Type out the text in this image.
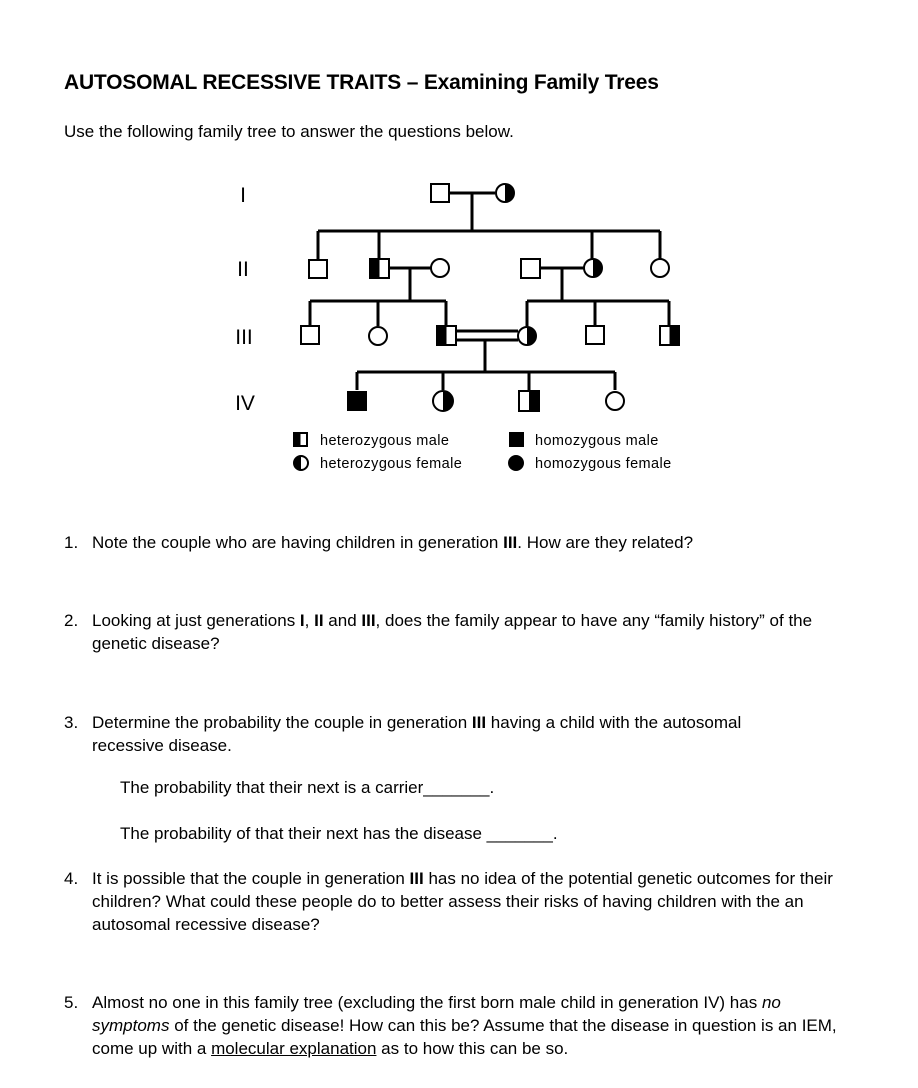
AUTOSOMAL RECESSIVE TRAITS – Examining Family Trees
Use the following family tree to answer the questions below.
I
II
III
IV
heterozygous male
heterozygous female
homozygous male
homozygous female
1. Note the couple who are having children in generation III. How are they related?
2. Looking at just generations I, II and III, does the family appear to have any “family history” of the genetic disease?
3. Determine the probability the couple in generation III having a child with the autosomal recessive disease.
The probability that their next is a carrier_______.
The probability of that their next has the disease _______.
4. It is possible that the couple in generation III has no idea of the potential genetic outcomes for their children? What could these people do to better assess their risks of having children with the an autosomal recessive disease?
5. Almost no one in this family tree (excluding the first born male child in generation IV) has no symptoms of the genetic disease! How can this be? Assume that the disease in question is an IEM, come up with a molecular explanation as to how this can be so.
